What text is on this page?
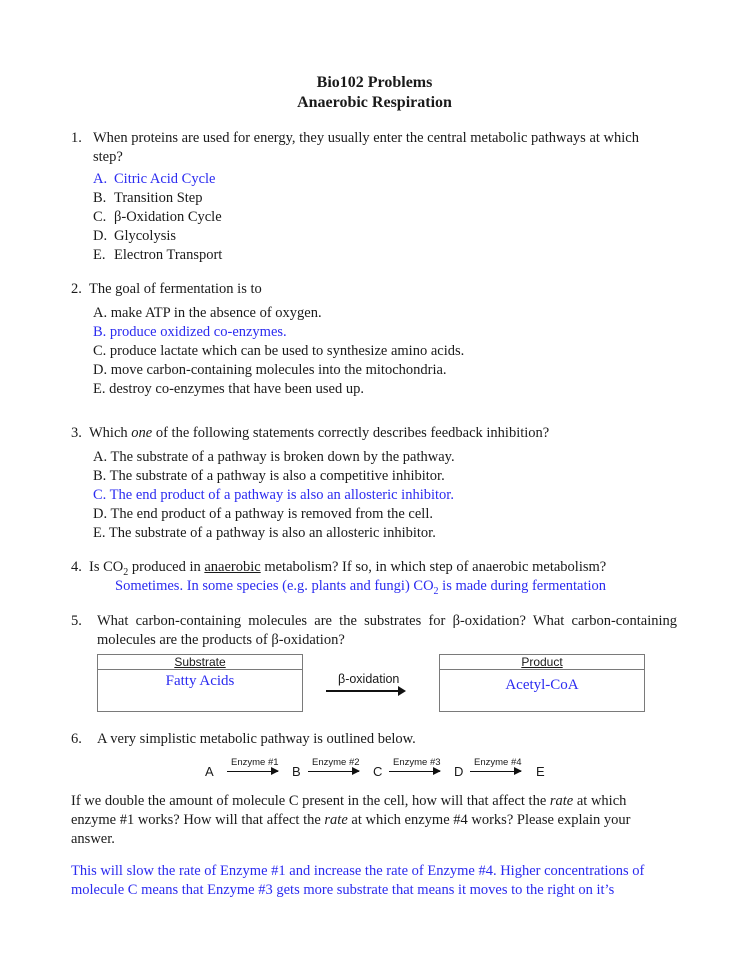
Bio102 Problems
Anaerobic Respiration
1. When proteins are used for energy, they usually enter the central metabolic pathways at which
step?
A. Citric Acid Cycle
B. Transition Step
C. β-Oxidation Cycle
D. Glycolysis
E. Electron Transport
2. The goal of fermentation is to
A. make ATP in the absence of oxygen.
B. produce oxidized co-enzymes.
C. produce lactate which can be used to synthesize amino acids.
D. move carbon-containing molecules into the mitochondria.
E. destroy co-enzymes that have been used up.
3. Which one of the following statements correctly describes feedback inhibition?
A. The substrate of a pathway is broken down by the pathway.
B. The substrate of a pathway is also a competitive inhibitor.
C. The end product of a pathway is also an allosteric inhibitor.
D. The end product of a pathway is removed from the cell.
E. The substrate of a pathway is also an allosteric inhibitor.
4. Is $CO_2$ produced in anaerobic metabolism? If so, in which step of anaerobic metabolism?
Sometimes. In some species (e.g. plants and fungi) $CO_2$ is made during fermentation
5. What carbon-containing molecules are the substrates for β-oxidation? What carbon-containing molecules are the products of β-oxidation?
Substrate
Fatty Acids	β-oxidation
Product
Acetyl-CoA
6. A very simplistic metabolic pathway is outlined below.
A
Enzyme #1
B
Enzyme #2
C
Enzyme #3
D
Enzyme #4
E
If we double the amount of molecule C present in the cell, how will that affect the rate at which
enzyme #1 works? How will that affect the rate at which enzyme #4 works? Please explain your
answer.
This will slow the rate of Enzyme #1 and increase the rate of Enzyme #4. Higher concentrations of
molecule C means that Enzyme #3 gets more substrate that means it moves to the right on it’s
